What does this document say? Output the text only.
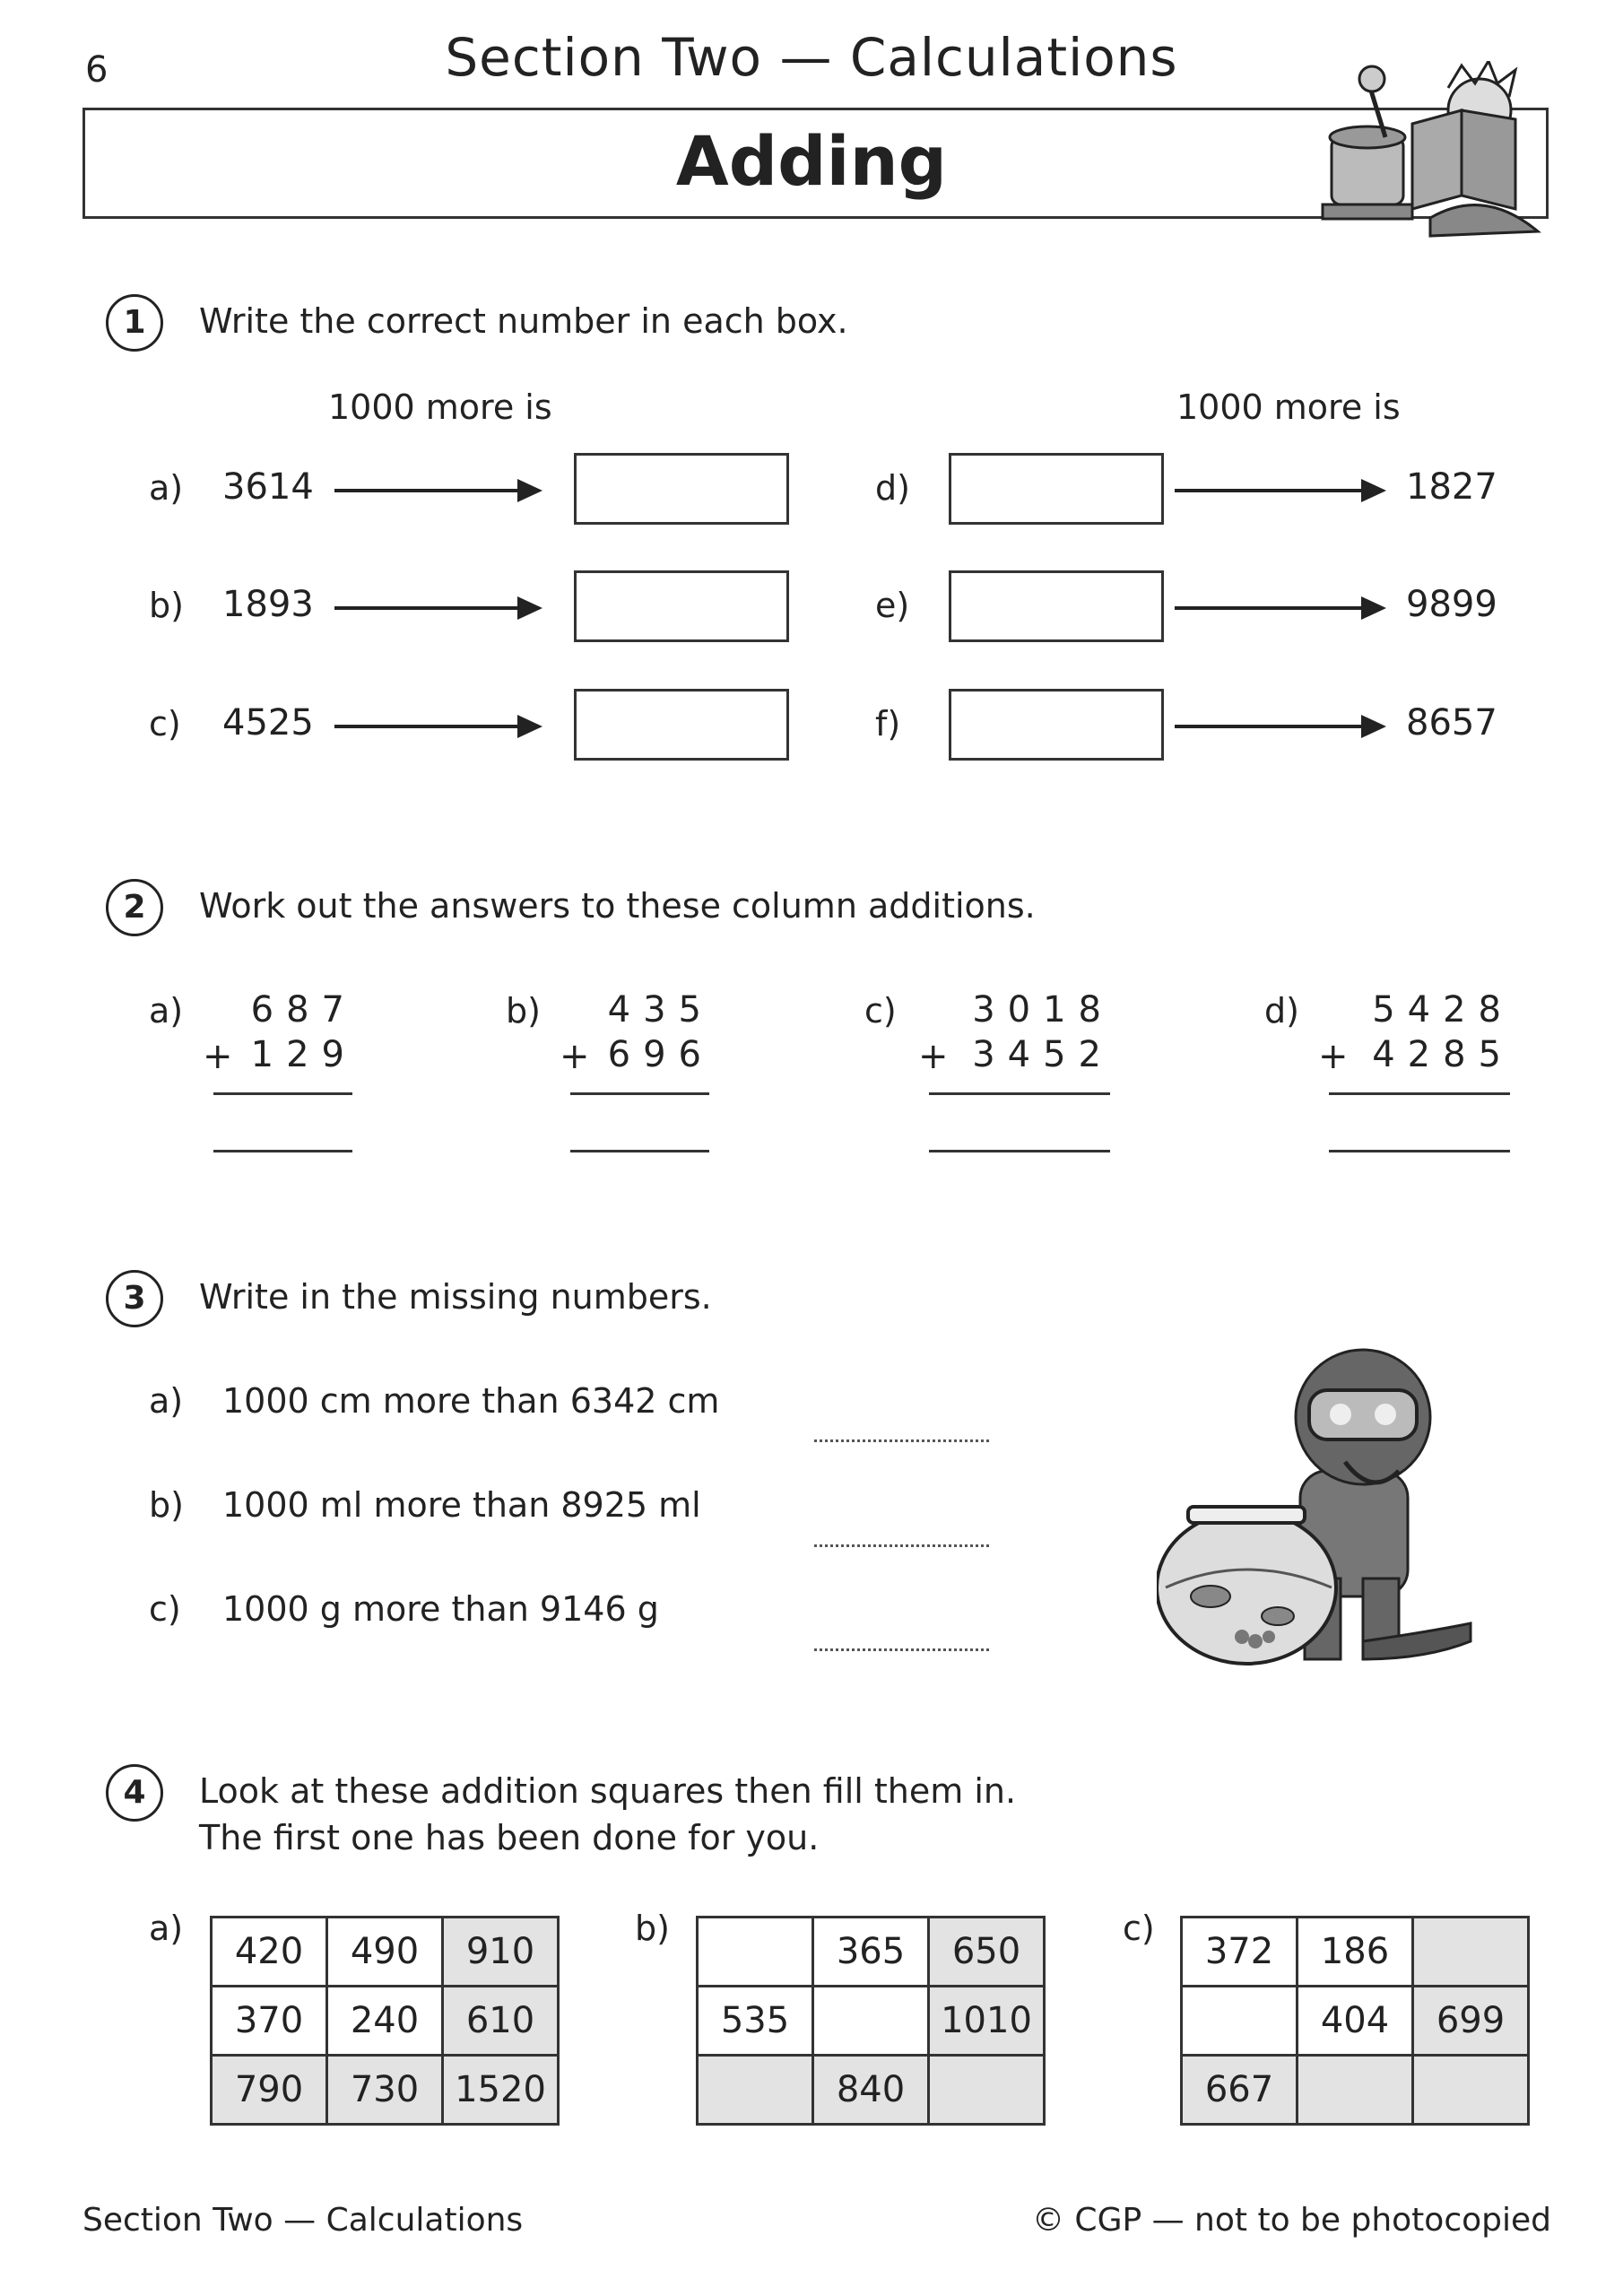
6	Section Two — Calculations
Adding
1	Write the correct number in each box.
1000 more is	1000 more is
a) 3614
b) 1893
c) 4525
d)	1827
e)	9899
f)	8657
2	Work out the answers to these column additions.
a)	687
+ 129
b)	435
+ 696
c)	3018
+ 3452
d)	5428
+ 4285
3	Write in the missing numbers.
a) 1000 cm more than 6342 cm
b) 1000 ml more than 8925 ml
c) 1000 g more than 9146 g
4	Look at these addition squares then fill them in.
The first one has been done for you.
a)
420	490	910
370	240	610
790	730	1520
b)
	365	650
535		1010
	840	
c)
372	186	
	404	699
667		
Section Two — Calculations	© CGP — not to be photocopied
